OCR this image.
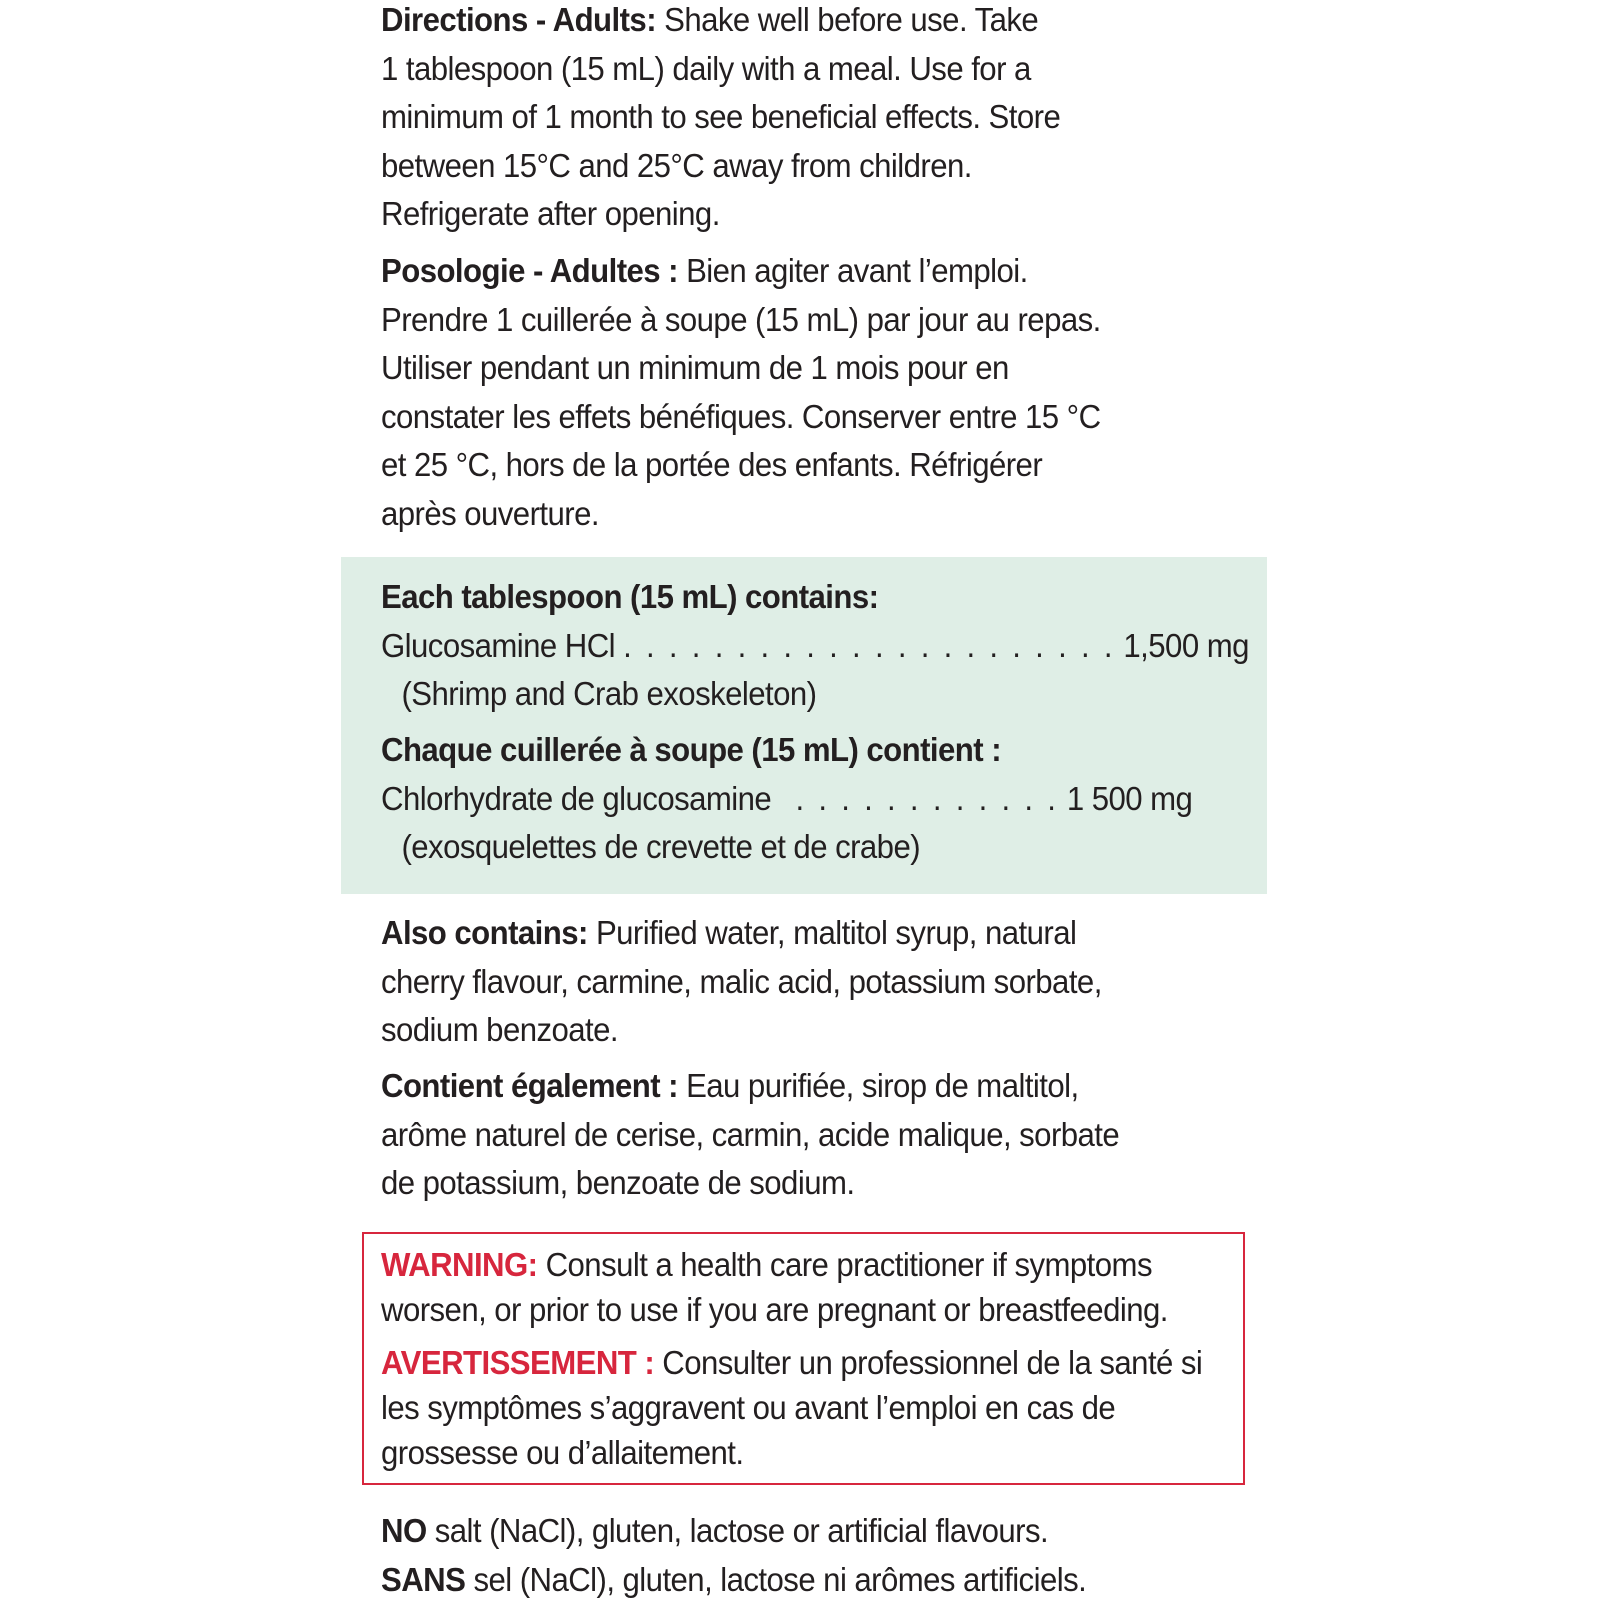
Directions - Adults: Shake well before use. Take
1 tablespoon (15 mL) daily with a meal. Use for a
minimum of 1 month to see beneficial effects. Store
between 15°C and 25°C away from children.
Refrigerate after opening.
Posologie - Adultes : Bien agiter avant l’emploi.
Prendre 1 cuillerée à soupe (15 mL) par jour au repas.
Utiliser pendant un minimum de 1 mois pour en
constater les effets bénéfiques. Conserver entre 15 °C
et 25 °C, hors de la portée des enfants. Réfrigérer
après ouverture.
Each tablespoon (15 mL) contains:
Glucosamine HCl . . . . . . . . . . . . . . . . . . . . . . 1,500 mg
(Shrimp and Crab exoskeleton)
Chaque cuillerée à soupe (15 mL) contient :
Chlorhydrate de glucosamine . . . . . . . . . . . . 1 500 mg
(exosquelettes de crevette et de crabe)
Also contains: Purified water, maltitol syrup, natural
cherry flavour, carmine, malic acid, potassium sorbate,
sodium benzoate.
Contient également : Eau purifiée, sirop de maltitol,
arôme naturel de cerise, carmin, acide malique, sorbate
de potassium, benzoate de sodium.
WARNING: Consult a health care practitioner if symptoms
worsen, or prior to use if you are pregnant or breastfeeding.
AVERTISSEMENT : Consulter un professionnel de la santé si
les symptômes s’aggravent ou avant l’emploi en cas de
grossesse ou d’allaitement.
NO salt (NaCl), gluten, lactose or artificial flavours.
SANS sel (NaCl), gluten, lactose ni arômes artificiels.
